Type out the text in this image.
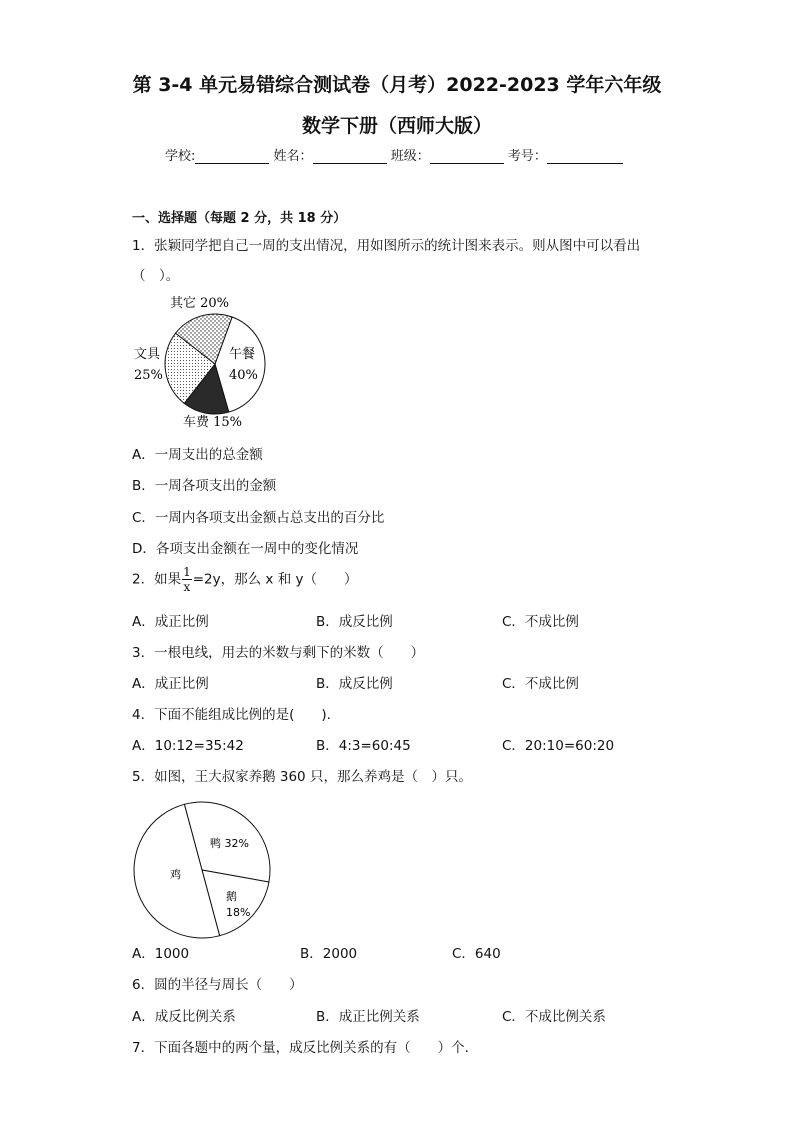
第 3-4 单元易错综合测试卷（月考）2022-2023 学年六年级
数学下册（西师大版）
学校:	姓名：	班级：	考号：
一、选择题（每题 2 分，共 18 分）
1．张颖同学把自己一周的支出情况，用如图所示的统计图来表示。则从图中可以看出
（　）。
其它 20%
午餐
40%
文具
25%
车费 15%
A．一周支出的总金额
B．一周各项支出的金额
C．一周内各项支出金额占总支出的百分比
D．各项支出金额在一周中的变化情况
2．如果 $\frac{1}{x} =2y$，那么 x 和 y（　　）
A．成正比例	B．成反比例	C．不成比例
3．一根电线，用去的米数与剩下的米数（　　）
A．成正比例	B．成反比例	C．不成比例
4．下面不能组成比例的是(　　).
A．10:12=35:42	B．4:3=60:45	C．20:10=60:20
5．如图，王大叔家养鹅 360 只，那么养鸡是（　）只。
鸭 32%
鸡
鹅
18%
A．1000	B．2000	C．640
6．圆的半径与周长（　　）
A．成反比例关系	B．成正比例关系	C．不成比例关系
7．下面各题中的两个量，成反比例关系的有（　　）个.
